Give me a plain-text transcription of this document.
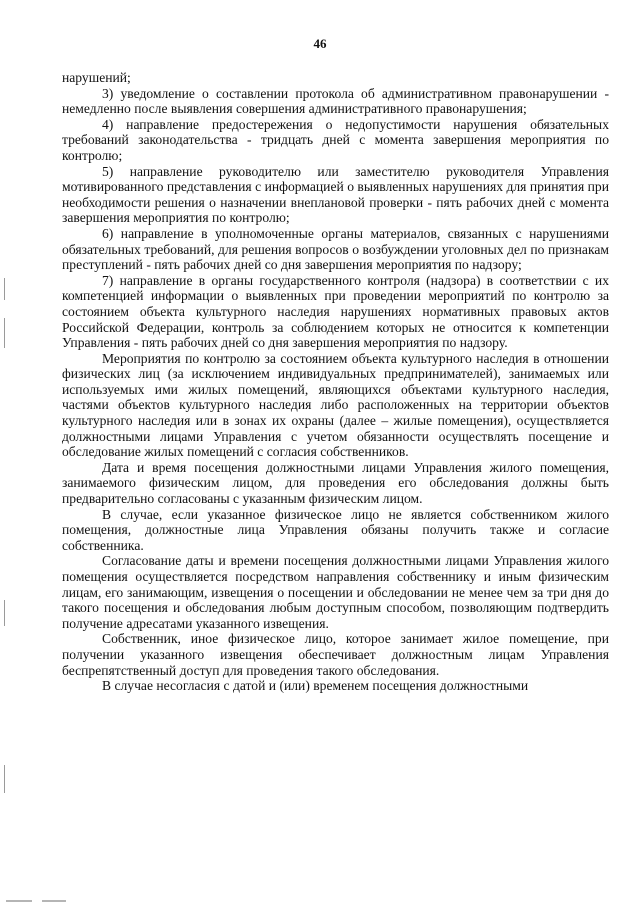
46

нарушений;

3) уведомление о составлении протокола об административном правонарушении - немедленно после выявления совершения административного правонарушения;

4) направление предостережения о недопустимости нарушения обязательных требований законодательства - тридцать дней с момента завершения мероприятия по контролю;

5) направление руководителю или заместителю руководителя Управления мотивированного представления с информацией о выявленных нарушениях для принятия при необходимости решения о назначении внеплановой проверки - пять рабочих дней с момента завершения мероприятия по контролю;

6) направление в уполномоченные органы материалов, связанных с нарушениями обязательных требований, для решения вопросов о возбуждении уголовных дел по признакам преступлений - пять рабочих дней со дня завершения мероприятия по надзору;

7) направление в органы государственного контроля (надзора) в соответствии с их компетенцией информации о выявленных при проведении мероприятий по контролю за состоянием объекта культурного наследия нарушениях нормативных правовых актов Российской Федерации, контроль за соблюдением которых не относится к компетенции Управления - пять рабочих дней со дня завершения мероприятия по надзору.

Мероприятия по контролю за состоянием объекта культурного наследия в отношении физических лиц (за исключением индивидуальных предпринимателей), занимаемых или используемых ими жилых помещений, являющихся объектами культурного наследия, частями объектов культурного наследия либо расположенных на территории объектов культурного наследия или в зонах их охраны (далее – жилые помещения), осуществляется должностными лицами Управления с учетом обязанности осуществлять посещение и обследование жилых помещений с согласия собственников.

Дата и время посещения должностными лицами Управления жилого помещения, занимаемого физическим лицом, для проведения его обследования должны быть предварительно согласованы с указанным физическим лицом.

В случае, если указанное физическое лицо не является собственником жилого помещения, должностные лица Управления обязаны получить также и согласие собственника.

Согласование даты и времени посещения должностными лицами Управления жилого помещения осуществляется посредством направления собственнику и иным физическим лицам, его занимающим, извещения о посещении и обследовании не менее чем за три дня до такого посещения и обследования любым доступным способом, позволяющим подтвердить получение адресатами указанного извещения.

Собственник, иное физическое лицо, которое занимает жилое помещение, при получении указанного извещения обеспечивает должностным лицам Управления беспрепятственный доступ для проведения такого обследования.

В случае несогласия с датой и (или) временем посещения должностными
